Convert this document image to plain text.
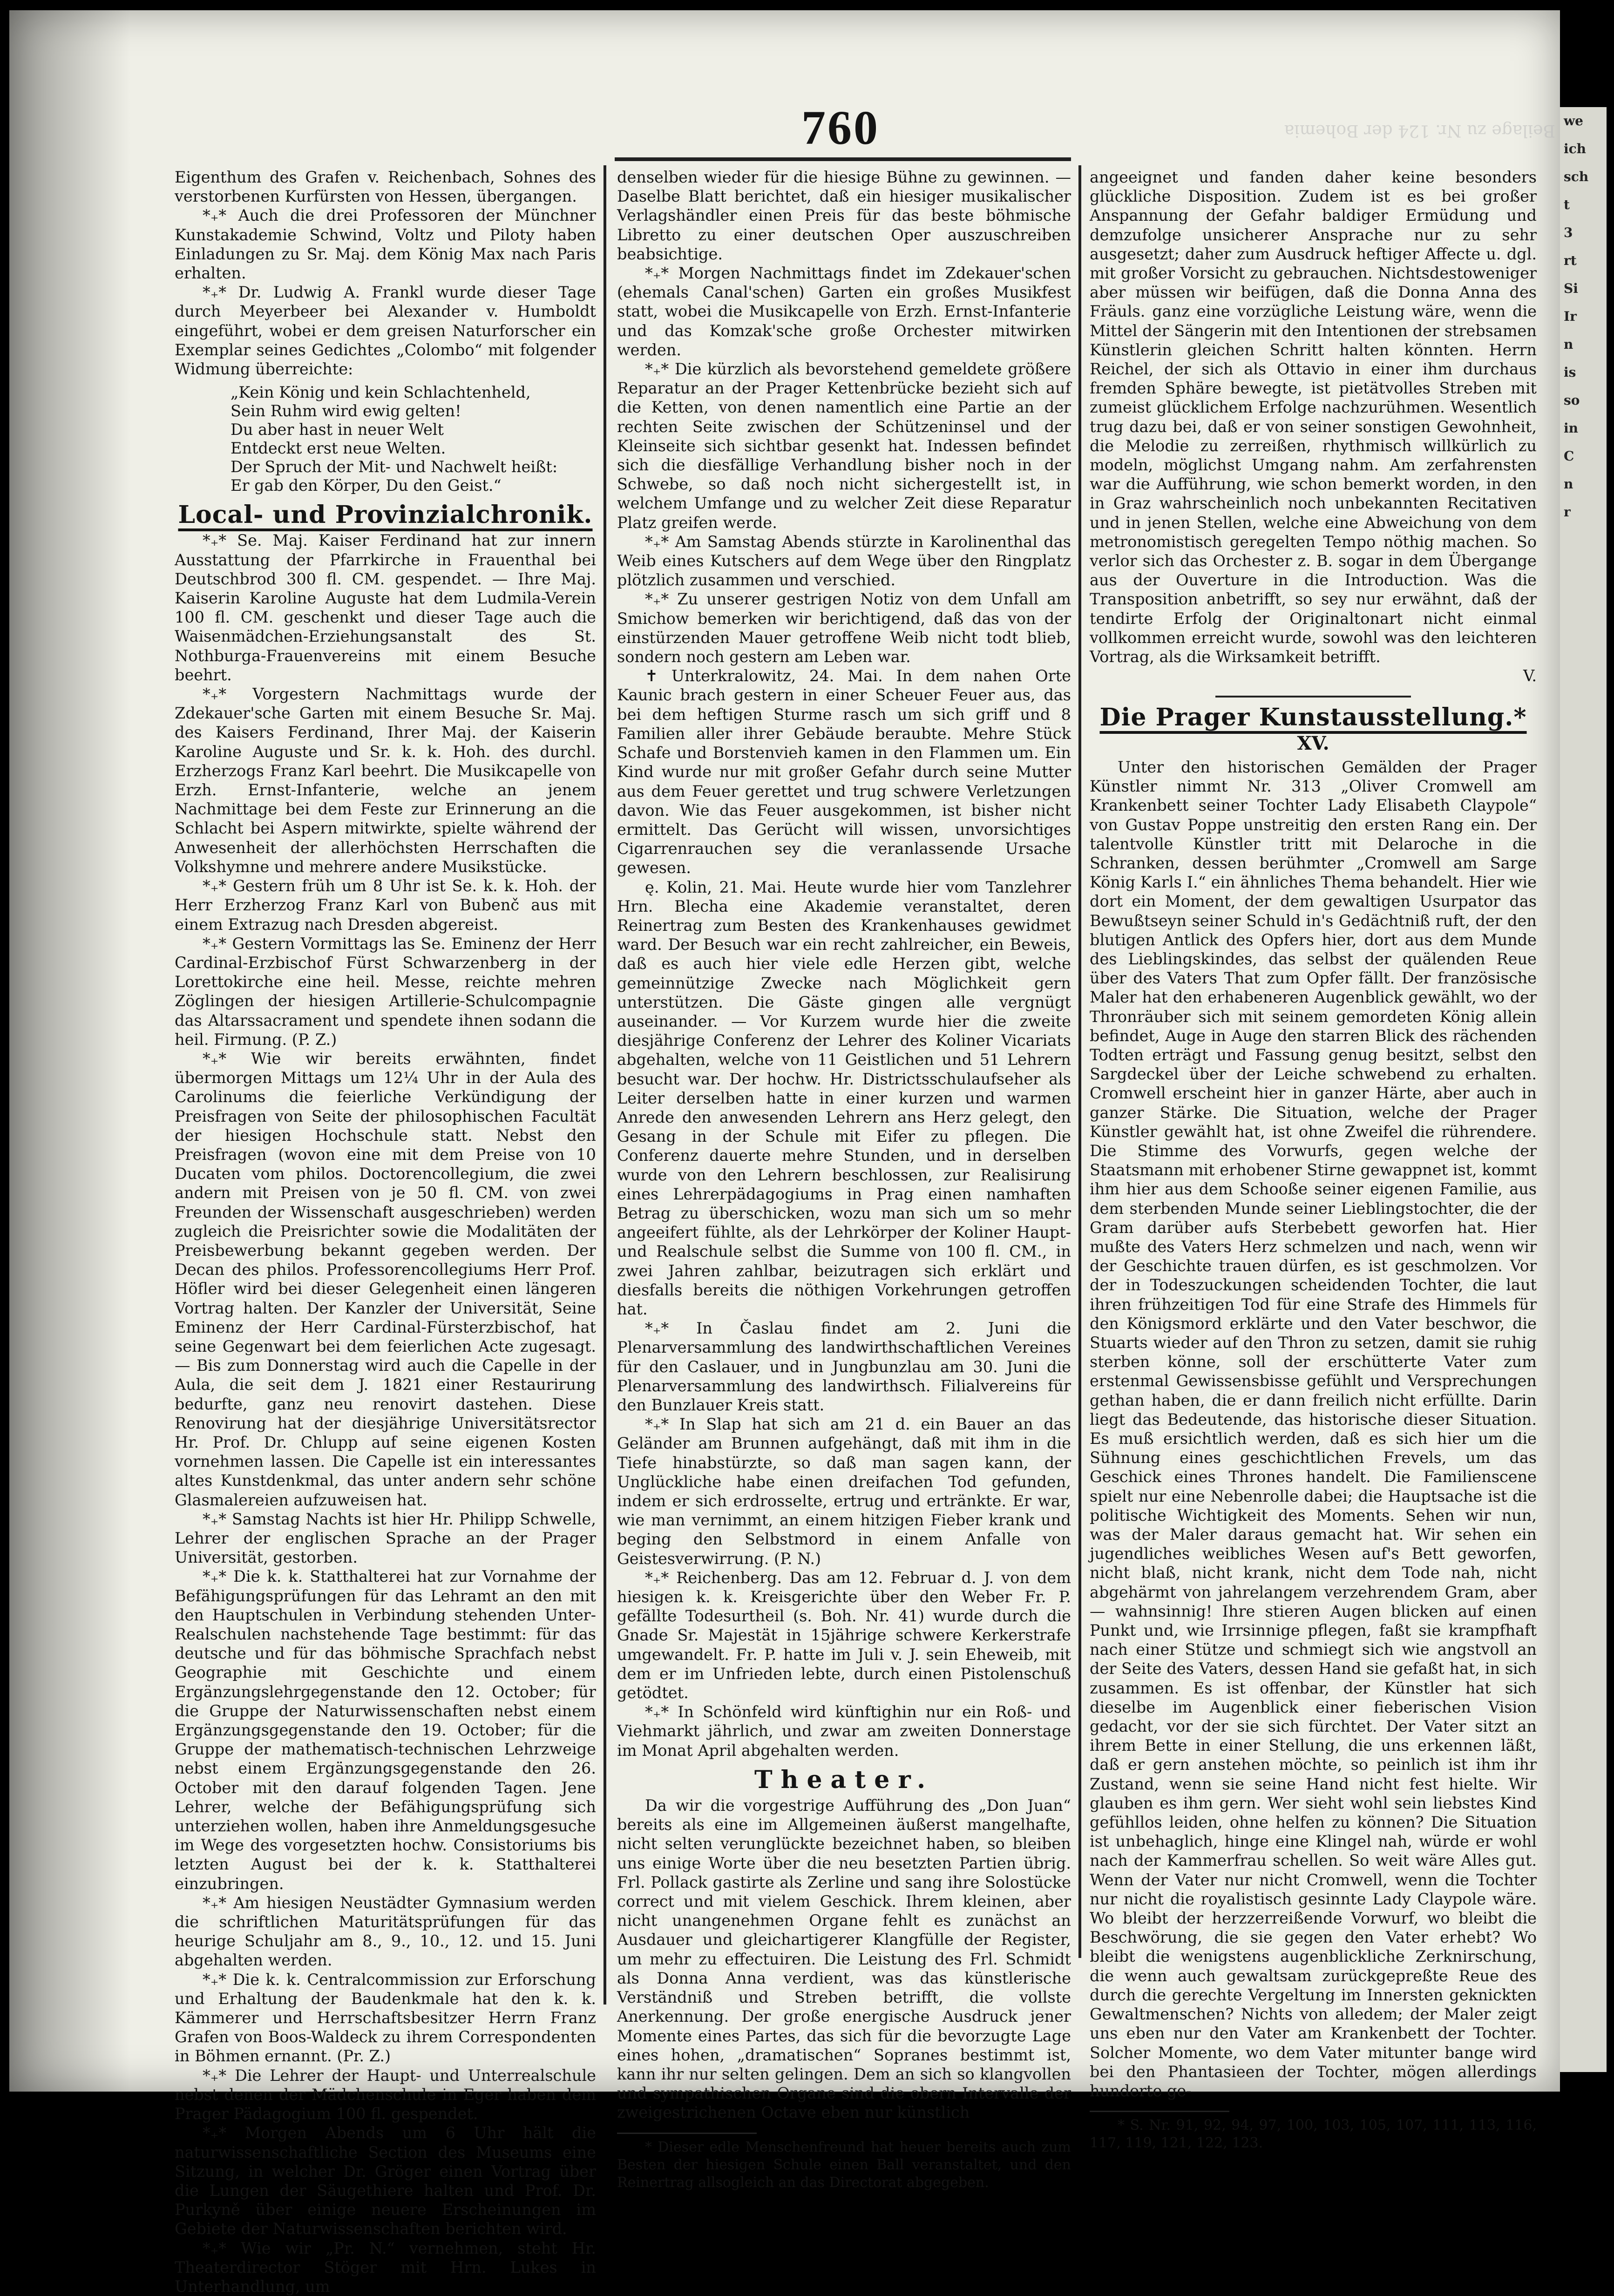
we
ich
sch
t
3
rt
Si
Ir
n
is
so
in
C
n
r
Beilage zu Nr. 124 der Bohemia
760

Eigenthum des Grafen v. Reichenbach, Sohnes des verstorbenen Kurfürsten von Hessen, übergangen.

*₊* Auch die drei Professoren der Münchner Kunstakademie Schwind, Voltz und Piloty haben Einladungen zu Sr. Maj. dem König Max nach Paris erhalten.

*₊* Dr. Ludwig A. Frankl wurde dieser Tage durch Meyerbeer bei Alexander v. Humboldt eingeführt, wobei er dem greisen Naturforscher ein Exemplar seines Gedichtes „Colombo“ mit folgender Widmung überreichte:

„Kein König und kein Schlachtenheld,
Sein Ruhm wird ewig gelten!
Du aber hast in neuer Welt
Entdeckt erst neue Welten.
Der Spruch der Mit- und Nachwelt heißt:
Er gab den Körper, Du den Geist.“
Local- und Provinzialchronik.

*₊* Se. Maj. Kaiser Ferdinand hat zur innern Ausstattung der Pfarrkirche in Frauenthal bei Deutschbrod 300 fl. CM. gespendet. — Ihre Maj. Kaiserin Karoline Auguste hat dem Ludmila-Verein 100 fl. CM. geschenkt und dieser Tage auch die Waisenmädchen-Erziehungsanstalt des St. Nothburga-Frauenvereins mit einem Besuche beehrt.

*₊* Vorgestern Nachmittags wurde der Zdekauer'sche Garten mit einem Besuche Sr. Maj. des Kaisers Ferdinand, Ihrer Maj. der Kaiserin Karoline Auguste und Sr. k. k. Hoh. des durchl. Erzherzogs Franz Karl beehrt. Die Musikcapelle von Erzh. Ernst-Infanterie, welche an jenem Nachmittage bei dem Feste zur Erinnerung an die Schlacht bei Aspern mitwirkte, spielte während der Anwesenheit der allerhöchsten Herrschaften die Volkshymne und mehrere andere Musikstücke.

*₊* Gestern früh um 8 Uhr ist Se. k. k. Hoh. der Herr Erzherzog Franz Karl von Bubenč aus mit einem Extrazug nach Dresden abgereist.

*₊* Gestern Vormittags las Se. Eminenz der Herr Cardinal-Erzbischof Fürst Schwarzenberg in der Lorettokirche eine heil. Messe, reichte mehren Zöglingen der hiesigen Artillerie-Schulcompagnie das Altarssacrament und spendete ihnen sodann die heil. Firmung. (P. Z.)

*₊* Wie wir bereits erwähnten, findet übermorgen Mittags um 12¼ Uhr in der Aula des Carolinums die feierliche Verkündigung der Preisfragen von Seite der philosophischen Facultät der hiesigen Hochschule statt. Nebst den Preisfragen (wovon eine mit dem Preise von 10 Ducaten vom philos. Doctorencollegium, die zwei andern mit Preisen von je 50 fl. CM. von zwei Freunden der Wissenschaft ausgeschrieben) werden zugleich die Preisrichter sowie die Modalitäten der Preisbewerbung bekannt gegeben werden. Der Decan des philos. Professorencollegiums Herr Prof. Höfler wird bei dieser Gelegenheit einen längeren Vortrag halten. Der Kanzler der Universität, Seine Eminenz der Herr Cardinal-Fürsterzbischof, hat seine Gegenwart bei dem feierlichen Acte zugesagt. — Bis zum Donnerstag wird auch die Capelle in der Aula, die seit dem J. 1821 einer Restaurirung bedurfte, ganz neu renovirt dastehen. Diese Renovirung hat der diesjährige Universitätsrector Hr. Prof. Dr. Chlupp auf seine eigenen Kosten vornehmen lassen. Die Capelle ist ein interessantes altes Kunstdenkmal, das unter andern sehr schöne Glasmalereien aufzuweisen hat.

*₊* Samstag Nachts ist hier Hr. Philipp Schwelle, Lehrer der englischen Sprache an der Prager Universität, gestorben.

*₊* Die k. k. Statthalterei hat zur Vornahme der Befähigungsprüfungen für das Lehramt an den mit den Hauptschulen in Verbindung stehenden Unter-Realschulen nachstehende Tage bestimmt: für das deutsche und für das böhmische Sprachfach nebst Geographie mit Geschichte und einem Ergänzungslehrgegenstande den 12. October; für die Gruppe der Naturwissenschaften nebst einem Ergänzungsgegenstande den 19. October; für die Gruppe der mathematisch-technischen Lehrzweige nebst einem Ergänzungsgegenstande den 26. October mit den darauf folgenden Tagen. Jene Lehrer, welche der Befähigungsprüfung sich unterziehen wollen, haben ihre Anmeldungsgesuche im Wege des vorgesetzten hochw. Consistoriums bis letzten August bei der k. k. Statthalterei einzubringen.

*₊* Am hiesigen Neustädter Gymnasium werden die schriftlichen Maturitätsprüfungen für das heurige Schuljahr am 8., 9., 10., 12. und 15. Juni abgehalten werden.

*₊* Die k. k. Centralcommission zur Erforschung und Erhaltung der Baudenkmale hat den k. k. Kämmerer und Herrschaftsbesitzer Herrn Franz Grafen von Boos-Waldeck zu ihrem Correspondenten in Böhmen ernannt. (Pr. Z.)

*₊* Die Lehrer der Haupt- und Unterrealschule nebst denen der Mädchenschule in Eger haben dem Prager Pädagogium 100 fl. gespendet.

*₊* Morgen Abends um 6 Uhr hält die naturwissenschaftliche Section des Museums eine Sitzung, in welcher Dr. Gröger einen Vortrag über die Lungen der Säugethiere halten und Prof. Dr. Purkyně über einige neuere Erscheinungen im Gebiete der Naturwissenschaften berichten wird.

*₊* Wie wir „Pr. N.“ vernehmen, steht Hr. Theaterdirector Stöger mit Hrn. Lukes in Unterhandlung, um

denselben wieder für die hiesige Bühne zu gewinnen. — Daselbe Blatt berichtet, daß ein hiesiger musikalischer Verlagshändler einen Preis für das beste böhmische Libretto zu einer deutschen Oper auszuschreiben beabsichtige.

*₊* Morgen Nachmittags findet im Zdekauer'schen (ehemals Canal'schen) Garten ein großes Musikfest statt, wobei die Musikcapelle von Erzh. Ernst-Infanterie und das Komzak'sche große Orchester mitwirken werden.

*₊* Die kürzlich als bevorstehend gemeldete größere Reparatur an der Prager Kettenbrücke bezieht sich auf die Ketten, von denen namentlich eine Partie an der rechten Seite zwischen der Schützeninsel und der Kleinseite sich sichtbar gesenkt hat. Indessen befindet sich die diesfällige Verhandlung bisher noch in der Schwebe, so daß noch nicht sichergestellt ist, in welchem Umfange und zu welcher Zeit diese Reparatur Platz greifen werde.

*₊* Am Samstag Abends stürzte in Karolinenthal das Weib eines Kutschers auf dem Wege über den Ringplatz plötzlich zusammen und verschied.

*₊* Zu unserer gestrigen Notiz von dem Unfall am Smichow bemerken wir berichtigend, daß das von der einstürzenden Mauer getroffene Weib nicht todt blieb, sondern noch gestern am Leben war.

✝ Unterkralowitz, 24. Mai. In dem nahen Orte Kaunic brach gestern in einer Scheuer Feuer aus, das bei dem heftigen Sturme rasch um sich griff und 8 Familien aller ihrer Gebäude beraubte. Mehre Stück Schafe und Borstenvieh kamen in den Flammen um. Ein Kind wurde nur mit großer Gefahr durch seine Mutter aus dem Feuer gerettet und trug schwere Verletzungen davon. Wie das Feuer ausgekommen, ist bisher nicht ermittelt. Das Gerücht will wissen, unvorsichtiges Cigarrenrauchen sey die veranlassende Ursache gewesen.

ę. Kolin, 21. Mai. Heute wurde hier vom Tanzlehrer Hrn. Blecha eine Akademie veranstaltet, deren Reinertrag zum Besten des Krankenhauses gewidmet ward. Der Besuch war ein recht zahlreicher, ein Beweis, daß es auch hier viele edle Herzen gibt, welche gemeinnützige Zwecke nach Möglichkeit gern unterstützen. Die Gäste gingen alle vergnügt auseinander. — Vor Kurzem wurde hier die zweite diesjährige Conferenz der Lehrer des Koliner Vicariats abgehalten, welche von 11 Geistlichen und 51 Lehrern besucht war. Der hochw. Hr. Districtsschulaufseher als Leiter derselben hatte in einer kurzen und warmen Anrede den anwesenden Lehrern ans Herz gelegt, den Gesang in der Schule mit Eifer zu pflegen. Die Conferenz dauerte mehre Stunden, und in derselben wurde von den Lehrern beschlossen, zur Realisirung eines Lehrerpädagogiums in Prag einen namhaften Betrag zu überschicken, wozu man sich um so mehr angeeifert fühlte, als der Lehrkörper der Koliner Haupt- und Realschule selbst die Summe von 100 fl. CM., in zwei Jahren zahlbar, beizutragen sich erklärt und diesfalls bereits die nöthigen Vorkehrungen getroffen hat.

*₊* In Časlau findet am 2. Juni die Plenarversammlung des landwirthschaftlichen Vereines für den Caslauer, und in Jungbunzlau am 30. Juni die Plenarversammlung des landwirthsch. Filialvereins für den Bunzlauer Kreis statt.

*₊* In Slap hat sich am 21 d. ein Bauer an das Geländer am Brunnen aufgehängt, daß mit ihm in die Tiefe hinabstürzte, so daß man sagen kann, der Unglückliche habe einen dreifachen Tod gefunden, indem er sich erdrosselte, ertrug und ertränkte. Er war, wie man vernimmt, an einem hitzigen Fieber krank und beging den Selbstmord in einem Anfalle von Geistesverwirrung. (P. N.)

*₊* Reichenberg. Das am 12. Februar d. J. von dem hiesigen k. k. Kreisgerichte über den Weber Fr. P. gefällte Todesurtheil (s. Boh. Nr. 41) wurde durch die Gnade Sr. Majestät in 15jährige schwere Kerkerstrafe umgewandelt. Fr. P. hatte im Juli v. J. sein Eheweib, mit dem er im Unfrieden lebte, durch einen Pistolenschuß getödtet.

*₊* In Schönfeld wird künftighin nur ein Roß- und Viehmarkt jährlich, und zwar am zweiten Donnerstage im Monat April abgehalten werden.

Theater.

Da wir die vorgestrige Aufführung des „Don Juan“ bereits als eine im Allgemeinen äußerst mangelhafte, nicht selten verunglückte bezeichnet haben, so bleiben uns einige Worte über die neu besetzten Partien übrig. Frl. Pollack gastirte als Zerline und sang ihre Solostücke correct und mit vielem Geschick. Ihrem kleinen, aber nicht unangenehmen Organe fehlt es zunächst an Ausdauer und gleichartigerer Klangfülle der Register, um mehr zu effectuiren. Die Leistung des Frl. Schmidt als Donna Anna verdient, was das künstlerische Verständniß und Streben betrifft, die vollste Anerkennung. Der große energische Ausdruck jener Momente eines Partes, das sich für die bevorzugte Lage eines hohen, „dramatischen“ Sopranes bestimmt ist, kann ihr nur selten gelingen. Dem an sich so klangvollen und sympathischen Organe sind die obern Intervalle der zweigestrichenen Octave eben nur künstlich

* Dieser edle Menschenfreund hat heuer bereits auch zum Besten der hiesigen Schule einen Ball veranstaltet, und den Reinertrag allsogleich an das Directorat abgegeben.

angeeignet und fanden daher keine besonders glückliche Disposition. Zudem ist es bei großer Anspannung der Gefahr baldiger Ermüdung und demzufolge unsicherer Ansprache nur zu sehr ausgesetzt; daher zum Ausdruck heftiger Affecte u. dgl. mit großer Vorsicht zu gebrauchen. Nichtsdestoweniger aber müssen wir beifügen, daß die Donna Anna des Fräuls. ganz eine vorzügliche Leistung wäre, wenn die Mittel der Sängerin mit den Intentionen der strebsamen Künstlerin gleichen Schritt halten könnten. Herrn Reichel, der sich als Ottavio in einer ihm durchaus fremden Sphäre bewegte, ist pietätvolles Streben mit zumeist glücklichem Erfolge nachzurühmen. Wesentlich trug dazu bei, daß er von seiner sonstigen Gewohnheit, die Melodie zu zerreißen, rhythmisch willkürlich zu modeln, möglichst Umgang nahm. Am zerfahrensten war die Aufführung, wie schon bemerkt worden, in den in Graz wahrscheinlich noch unbekannten Recitativen und in jenen Stellen, welche eine Abweichung von dem metronomistisch geregelten Tempo nöthig machen. So verlor sich das Orchester z. B. sogar in dem Übergange aus der Ouverture in die Introduction. Was die Transposition anbetrifft, so sey nur erwähnt, daß der tendirte Erfolg der Originaltonart nicht einmal vollkommen erreicht wurde, sowohl was den leichteren Vortrag, als die Wirksamkeit betrifft.

V.

Die Prager Kunstausstellung.*
XV.

Unter den historischen Gemälden der Prager Künstler nimmt Nr. 313 „Oliver Cromwell am Krankenbett seiner Tochter Lady Elisabeth Claypole“ von Gustav Poppe unstreitig den ersten Rang ein. Der talentvolle Künstler tritt mit Delaroche in die Schranken, dessen berühmter „Cromwell am Sarge König Karls I.“ ein ähnliches Thema behandelt. Hier wie dort ein Moment, der dem gewaltigen Usurpator das Bewußtseyn seiner Schuld in's Gedächtniß ruft, der den blutigen Antlick des Opfers hier, dort aus dem Munde des Lieblingskindes, das selbst der quälenden Reue über des Vaters That zum Opfer fällt. Der französische Maler hat den erhabeneren Augenblick gewählt, wo der Thronräuber sich mit seinem gemordeten König allein befindet, Auge in Auge den starren Blick des rächenden Todten erträgt und Fassung genug besitzt, selbst den Sargdeckel über der Leiche schwebend zu erhalten. Cromwell erscheint hier in ganzer Härte, aber auch in ganzer Stärke. Die Situation, welche der Prager Künstler gewählt hat, ist ohne Zweifel die rührendere. Die Stimme des Vorwurfs, gegen welche der Staatsmann mit erhobener Stirne gewappnet ist, kommt ihm hier aus dem Schooße seiner eigenen Familie, aus dem sterbenden Munde seiner Lieblingstochter, die der Gram darüber aufs Sterbebett geworfen hat. Hier mußte des Vaters Herz schmelzen und nach, wenn wir der Geschichte trauen dürfen, es ist geschmolzen. Vor der in Todeszuckungen scheidenden Tochter, die laut ihren frühzeitigen Tod für eine Strafe des Himmels für den Königsmord erklärte und den Vater beschwor, die Stuarts wieder auf den Thron zu setzen, damit sie ruhig sterben könne, soll der erschütterte Vater zum erstenmal Gewissensbisse gefühlt und Versprechungen gethan haben, die er dann freilich nicht erfüllte. Darin liegt das Bedeutende, das historische dieser Situation. Es muß ersichtlich werden, daß es sich hier um die Sühnung eines geschichtlichen Frevels, um das Geschick eines Thrones handelt. Die Familienscene spielt nur eine Nebenrolle dabei; die Hauptsache ist die politische Wichtigkeit des Moments. Sehen wir nun, was der Maler daraus gemacht hat. Wir sehen ein jugendliches weibliches Wesen auf's Bett geworfen, nicht blaß, nicht krank, nicht dem Tode nah, nicht abgehärmt von jahrelangem verzehrendem Gram, aber — wahnsinnig! Ihre stieren Augen blicken auf einen Punkt und, wie Irrsinnige pflegen, faßt sie krampfhaft nach einer Stütze und schmiegt sich wie angstvoll an der Seite des Vaters, dessen Hand sie gefaßt hat, in sich zusammen. Es ist offenbar, der Künstler hat sich dieselbe im Augenblick einer fieberischen Vision gedacht, vor der sie sich fürchtet. Der Vater sitzt an ihrem Bette in einer Stellung, die uns erkennen läßt, daß er gern anstehen möchte, so peinlich ist ihm ihr Zustand, wenn sie seine Hand nicht fest hielte. Wir glauben es ihm gern. Wer sieht wohl sein liebstes Kind gefühllos leiden, ohne helfen zu können? Die Situation ist unbehaglich, hinge eine Klingel nah, würde er wohl nach der Kammerfrau schellen. So weit wäre Alles gut. Wenn der Vater nur nicht Cromwell, wenn die Tochter nur nicht die royalistisch gesinnte Lady Claypole wäre. Wo bleibt der herzzerreißende Vorwurf, wo bleibt die Beschwörung, die sie gegen den Vater erhebt? Wo bleibt die wenigstens augenblickliche Zerknirschung, die wenn auch gewaltsam zurückgepreßte Reue des durch die gerechte Vergeltung im Innersten geknickten Gewaltmenschen? Nichts von alledem; der Maler zeigt uns eben nur den Vater am Krankenbett der Tochter. Solcher Momente, wo dem Vater mitunter bange wird bei den Phantasieen der Tochter, mögen allerdings hunderte ge-

* S. Nr. 91, 92, 94, 97, 100, 103, 105, 107, 111, 113, 116, 117, 119, 121, 122, 123.
